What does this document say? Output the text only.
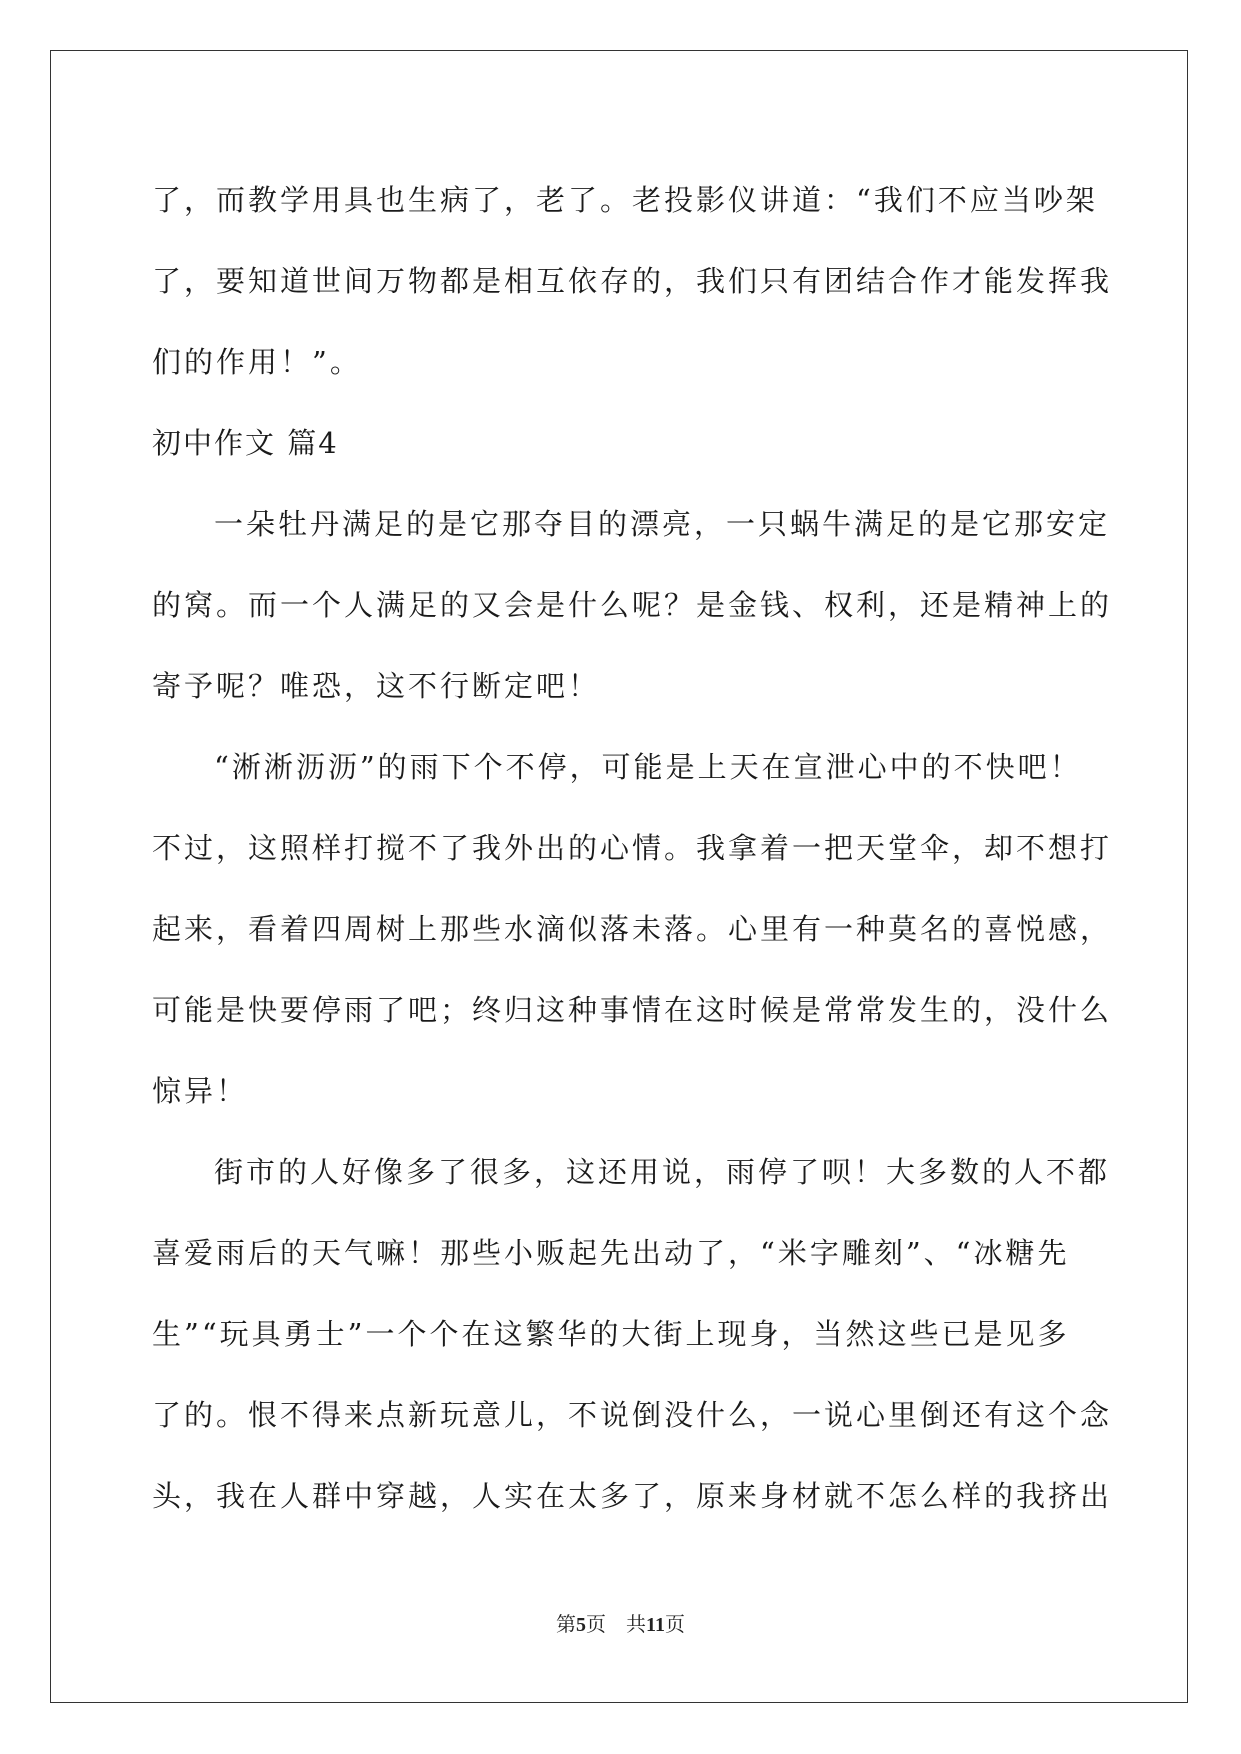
了，而教学用具也生病了，老了。老投影仪讲道：“我们不应当吵架
了，要知道世间万物都是相互依存的，我们只有团结合作才能发挥我
们的作用！”。
初中作文 篇4
一朵牡丹满足的是它那夺目的漂亮，一只蜗牛满足的是它那安定
的窝。而一个人满足的又会是什么呢？是金钱、权利，还是精神上的
寄予呢？唯恐，这不行断定吧！
“淅淅沥沥”的雨下个不停，可能是上天在宣泄心中的不快吧！
不过，这照样打搅不了我外出的心情。我拿着一把天堂伞，却不想打
起来，看着四周树上那些水滴似落未落。心里有一种莫名的喜悦感，
可能是快要停雨了吧；终归这种事情在这时候是常常发生的，没什么
惊异！
街市的人好像多了很多，这还用说，雨停了呗！大多数的人不都
喜爱雨后的天气嘛！那些小贩起先出动了，“米字雕刻”、“冰糖先
生”“玩具勇士”一个个在这繁华的大街上现身，当然这些已是见多
了的。恨不得来点新玩意儿，不说倒没什么，一说心里倒还有这个念
头，我在人群中穿越，人实在太多了，原来身材就不怎么样的我挤出
第5页　共11页
